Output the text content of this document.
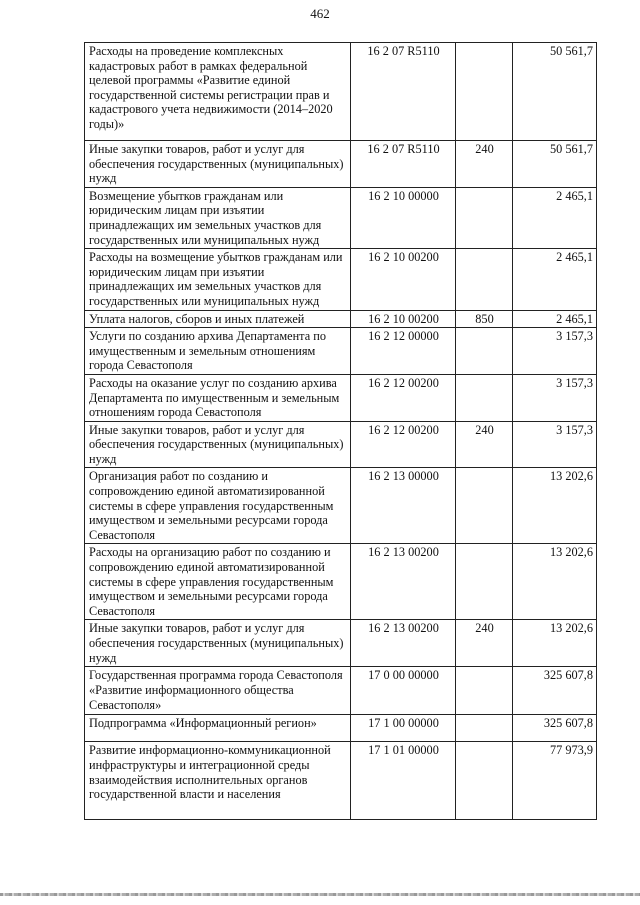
462
Расходы на проведение комплексных кадастровых работ в рамках федеральной целевой программы «Развитие единой государственной системы регистрации прав и кадастрового учета недвижимости (2014–2020 годы)»	16 2 07 R5110		50 561,7
Иные закупки товаров, работ и услуг для обеспечения государственных (муниципальных) нужд	16 2 07 R5110	240	50 561,7
Возмещение убытков гражданам или юридическим лицам при изъятии принадлежащих им земельных участков для государственных или муниципальных нужд	16 2 10 00000		2 465,1
Расходы на возмещение убытков гражданам или юридическим лицам при изъятии принадлежащих им земельных участков для государственных или муниципальных нужд	16 2 10 00200		2 465,1
Уплата налогов, сборов и иных платежей	16 2 10 00200	850	2 465,1
Услуги по созданию архива Департамента по имущественным и земельным отношениям города Севастополя	16 2 12 00000		3 157,3
Расходы на оказание услуг по созданию архива Департамента по имущественным и земельным отношениям города Севастополя	16 2 12 00200		3 157,3
Иные закупки товаров, работ и услуг для обеспечения государственных (муниципальных) нужд	16 2 12 00200	240	3 157,3
Организация работ по созданию и сопровождению единой автоматизированной системы в сфере управления государственным имуществом и земельными ресурсами города Севастополя	16 2 13 00000		13 202,6
Расходы на организацию работ по созданию и сопровождению единой автоматизированной системы в сфере управления государственным имуществом и земельными ресурсами города Севастополя	16 2 13 00200		13 202,6
Иные закупки товаров, работ и услуг для обеспечения государственных (муниципальных) нужд	16 2 13 00200	240	13 202,6
Государственная программа города Севастополя «Развитие информационного общества Севастополя»	17 0 00 00000		325 607,8
Подпрограмма «Информационный регион»	17 1 00 00000		325 607,8
Развитие информационно-коммуникационной инфраструктуры и интеграционной среды взаимодействия исполнительных органов государственной власти и населения	17 1 01 00000		77 973,9
